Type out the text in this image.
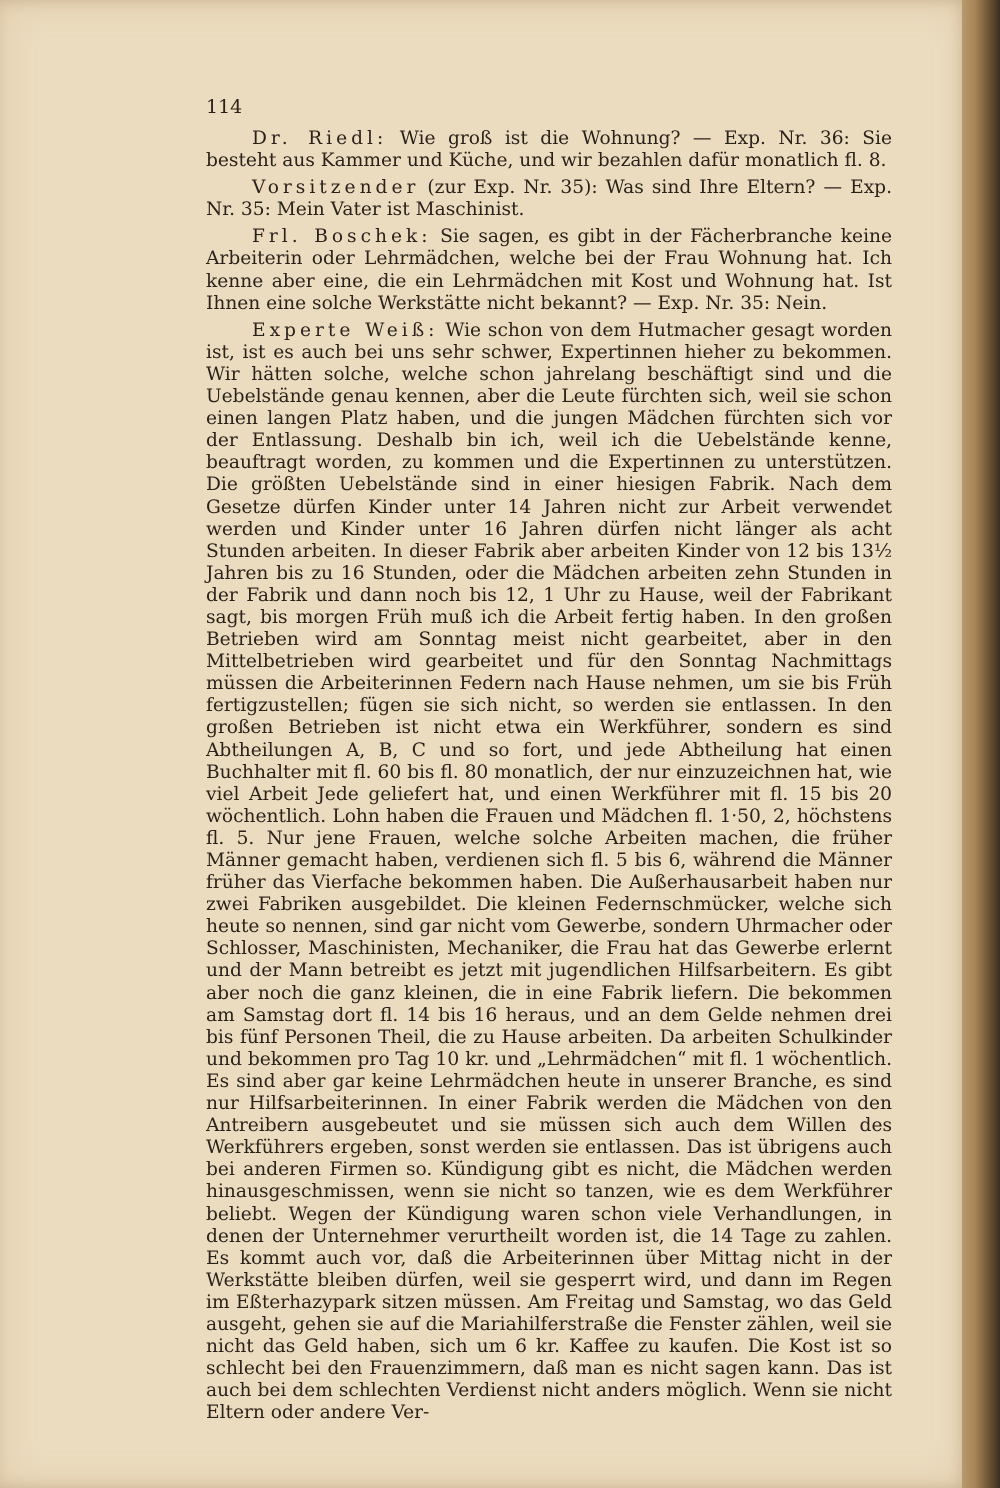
114

Dr. Riedl: Wie groß ist die Wohnung? — Exp. Nr. 36: Sie besteht aus Kammer und Küche, und wir bezahlen dafür monatlich fl. 8.

Vorsitzender (zur Exp. Nr. 35): Was sind Ihre Eltern? — Exp. Nr. 35: Mein Vater ist Maschinist.

Frl. Boschek: Sie sagen, es gibt in der Fächerbranche keine Arbeiterin oder Lehrmädchen, welche bei der Frau Wohnung hat. Ich kenne aber eine, die ein Lehrmädchen mit Kost und Wohnung hat. Ist Ihnen eine solche Werkstätte nicht bekannt? — Exp. Nr. 35: Nein.

Experte Weiß: Wie schon von dem Hutmacher gesagt worden ist, ist es auch bei uns sehr schwer, Expertinnen hieher zu bekommen. Wir hätten solche, welche schon jahrelang beschäftigt sind und die Uebelstände genau kennen, aber die Leute fürchten sich, weil sie schon einen langen Platz haben, und die jungen Mädchen fürchten sich vor der Entlassung. Deshalb bin ich, weil ich die Uebelstände kenne, beauftragt worden, zu kommen und die Expertinnen zu unterstützen. Die größten Uebelstände sind in einer hiesigen Fabrik. Nach dem Gesetze dürfen Kinder unter 14 Jahren nicht zur Arbeit verwendet werden und Kinder unter 16 Jahren dürfen nicht länger als acht Stunden arbeiten. In dieser Fabrik aber arbeiten Kinder von 12 bis 13½ Jahren bis zu 16 Stunden, oder die Mädchen arbeiten zehn Stunden in der Fabrik und dann noch bis 12, 1 Uhr zu Hause, weil der Fabrikant sagt, bis morgen Früh muß ich die Arbeit fertig haben. In den großen Betrieben wird am Sonntag meist nicht gearbeitet, aber in den Mittelbetrieben wird gearbeitet und für den Sonntag Nachmittags müssen die Arbeiterinnen Federn nach Hause nehmen, um sie bis Früh fertigzustellen; fügen sie sich nicht, so werden sie entlassen. In den großen Betrieben ist nicht etwa ein Werkführer, sondern es sind Abtheilungen A, B, C und so fort, und jede Abtheilung hat einen Buchhalter mit fl. 60 bis fl. 80 monatlich, der nur einzuzeichnen hat, wie viel Arbeit Jede geliefert hat, und einen Werkführer mit fl. 15 bis 20 wöchentlich. Lohn haben die Frauen und Mädchen fl. 1·50, 2, höchstens fl. 5. Nur jene Frauen, welche solche Arbeiten machen, die früher Männer gemacht haben, verdienen sich fl. 5 bis 6, während die Männer früher das Vierfache bekommen haben. Die Außerhausarbeit haben nur zwei Fabriken ausgebildet. Die kleinen Federnschmücker, welche sich heute so nennen, sind gar nicht vom Gewerbe, sondern Uhrmacher oder Schlosser, Maschinisten, Mechaniker, die Frau hat das Gewerbe erlernt und der Mann betreibt es jetzt mit jugendlichen Hilfsarbeitern. Es gibt aber noch die ganz kleinen, die in eine Fabrik liefern. Die bekommen am Samstag dort fl. 14 bis 16 heraus, und an dem Gelde nehmen drei bis fünf Personen Theil, die zu Hause arbeiten. Da arbeiten Schulkinder und bekommen pro Tag 10 kr. und „Lehrmädchen“ mit fl. 1 wöchentlich. Es sind aber gar keine Lehrmädchen heute in unserer Branche, es sind nur Hilfsarbeiterinnen. In einer Fabrik werden die Mädchen von den Antreibern ausgebeutet und sie müssen sich auch dem Willen des Werkführers ergeben, sonst werden sie entlassen. Das ist übrigens auch bei anderen Firmen so. Kündigung gibt es nicht, die Mädchen werden hinausgeschmissen, wenn sie nicht so tanzen, wie es dem Werkführer beliebt. Wegen der Kündigung waren schon viele Verhandlungen, in denen der Unternehmer verurtheilt worden ist, die 14 Tage zu zahlen. Es kommt auch vor, daß die Arbeiterinnen über Mittag nicht in der Werkstätte bleiben dürfen, weil sie gesperrt wird, und dann im Regen im Eßterhazypark sitzen müssen. Am Freitag und Samstag, wo das Geld ausgeht, gehen sie auf die Mariahilferstraße die Fenster zählen, weil sie nicht das Geld haben, sich um 6 kr. Kaffee zu kaufen. Die Kost ist so schlecht bei den Frauenzimmern, daß man es nicht sagen kann. Das ist auch bei dem schlechten Verdienst nicht anders möglich. Wenn sie nicht Eltern oder andere Ver-
